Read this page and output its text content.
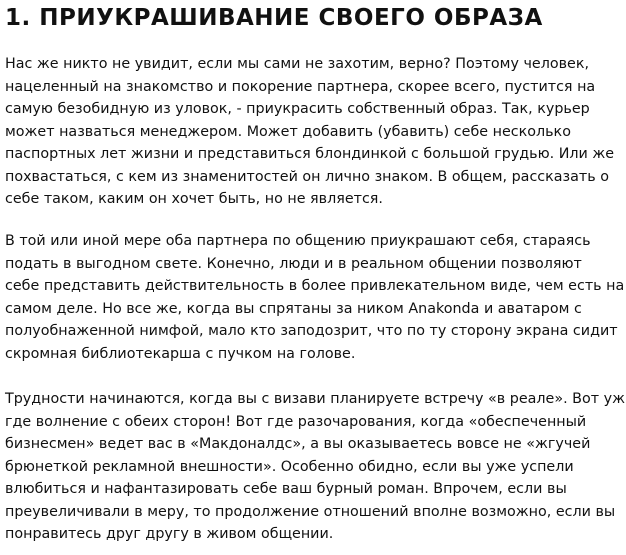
1. ПРИУКРАШИВАНИЕ СВОЕГО ОБРАЗА
Нас же никто не увидит, если мы сами не захотим, верно? Поэтому человек,
нацеленный на знакомство и покорение партнера, скорее всего, пустится на
самую безобидную из уловок, - приукрасить собственный образ. Так, курьер
может назваться менеджером. Может добавить (убавить) себе несколько
паспортных лет жизни и представиться блондинкой с большой грудью. Или же
похвастаться, с кем из знаменитостей он лично знаком. В общем, рассказать о
себе таком, каким он хочет быть, но не является.
В той или иной мере оба партнера по общению приукрашают себя, стараясь
подать в выгодном свете. Конечно, люди и в реальном общении позволяют
себе представить действительность в более привлекательном виде, чем есть на
самом деле. Но все же, когда вы спрятаны за ником Anakonda и аватаром с
полуобнаженной нимфой, мало кто заподозрит, что по ту сторону экрана сидит
скромная библиотекарша с пучком на голове.
Трудности начинаются, когда вы с визави планируете встречу «в реале». Вот уж
где волнение с обеих сторон! Вот где разочарования, когда «обеспеченный
бизнесмен» ведет вас в «Макдоналдс», а вы оказываетесь вовсе не «жгучей
брюнеткой рекламной внешности». Особенно обидно, если вы уже успели
влюбиться и нафантазировать себе ваш бурный роман. Впрочем, если вы
преувеличивали в меру, то продолжение отношений вполне возможно, если вы
понравитесь друг другу в живом общении.
